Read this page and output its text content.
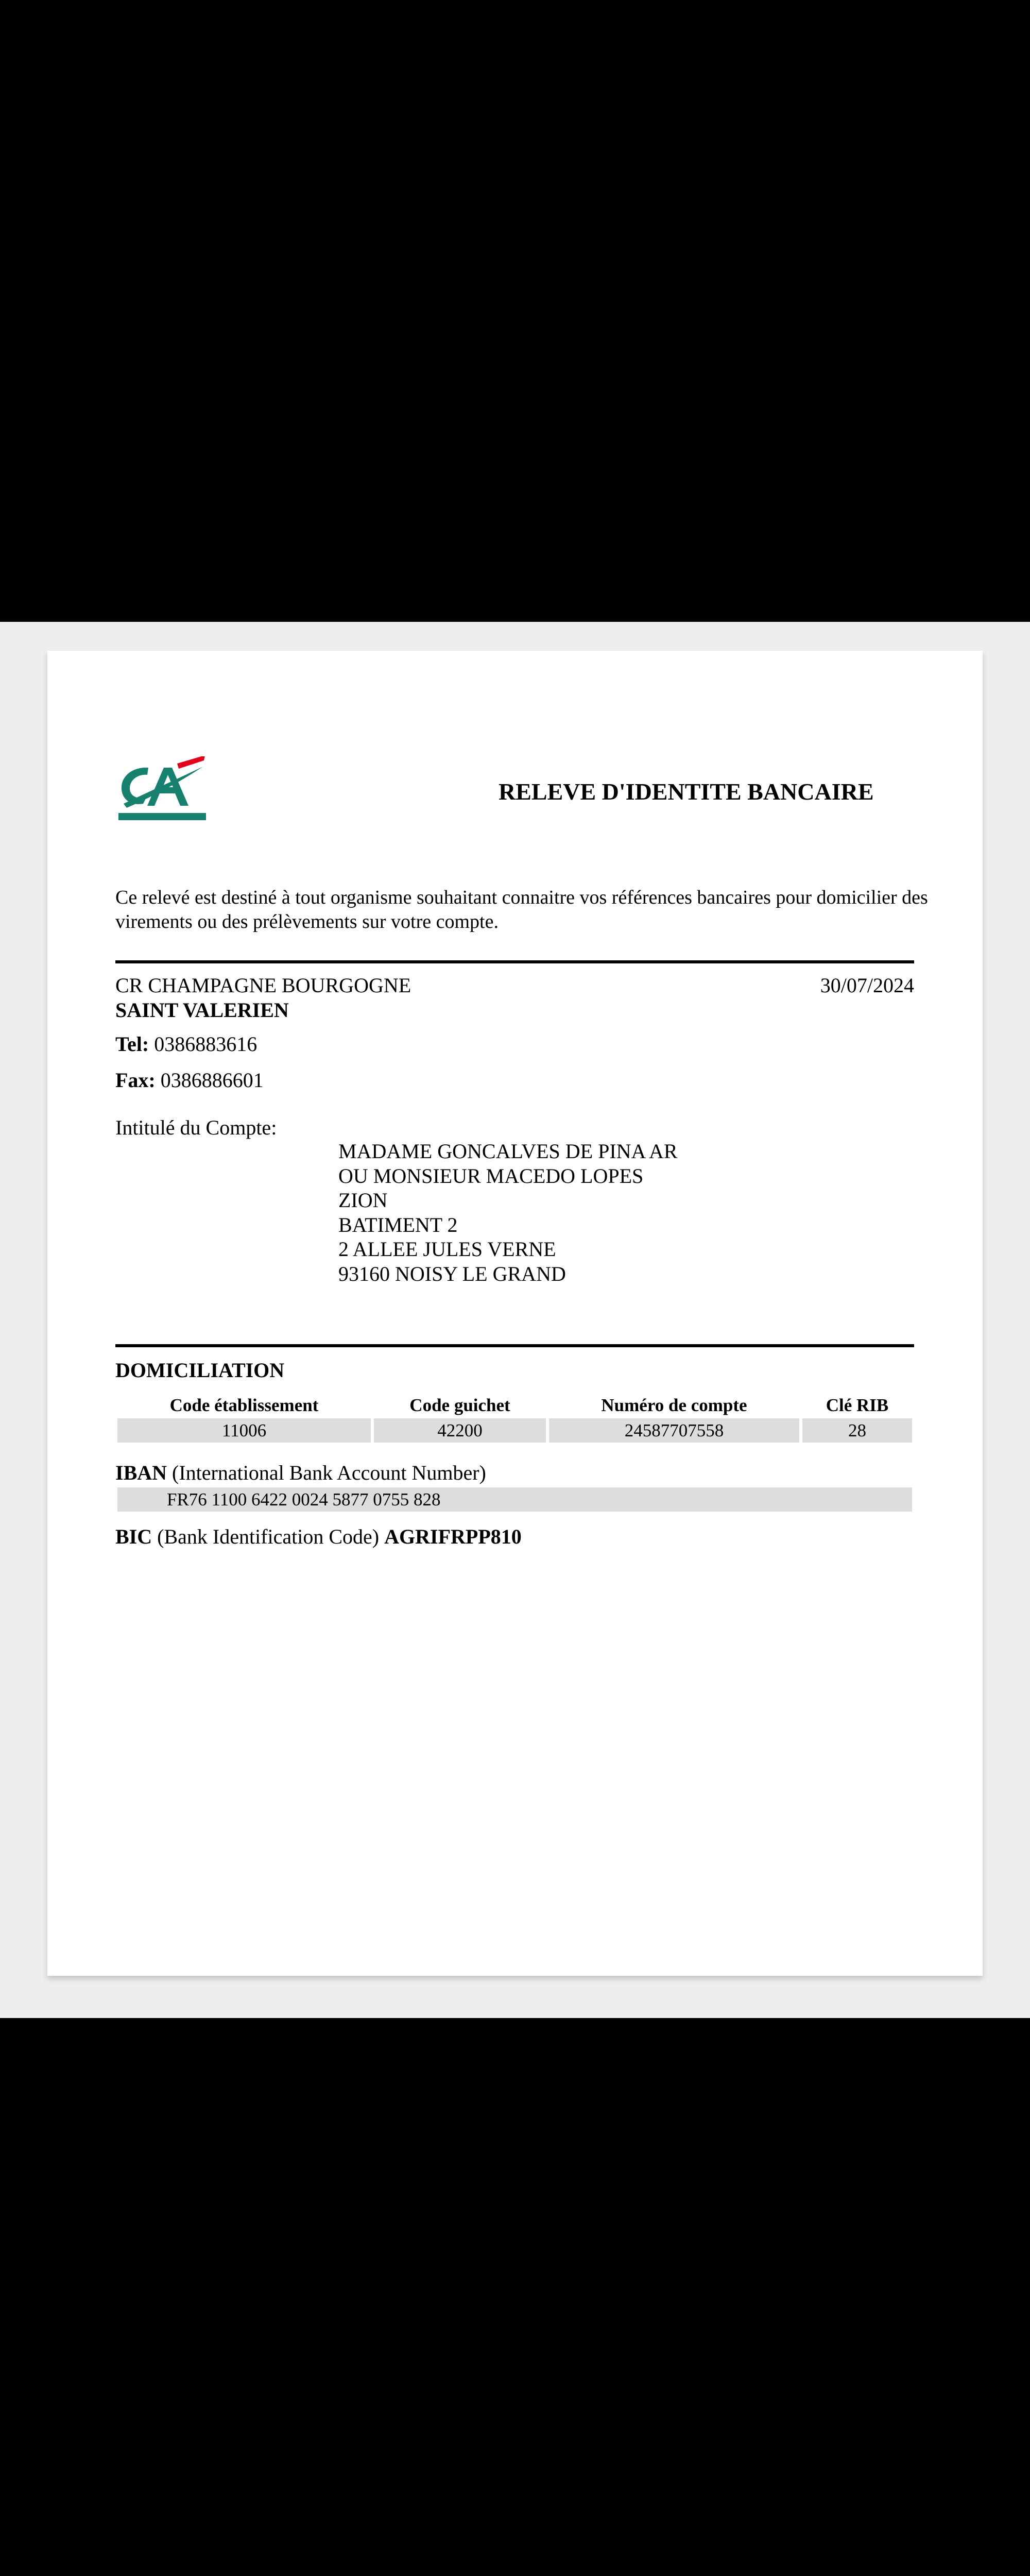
RELEVE D'IDENTITE BANCAIRE
Ce relevé est destiné à tout organisme souhaitant connaitre vos références bancaires pour domicilier des virements ou des prélèvements sur votre compte.
CR CHAMPAGNE BOURGOGNE	30/07/2024
SAINT VALERIEN
Tel: 0386883616
Fax: 0386886601
Intitulé du Compte:
MADAME GONCALVES DE PINA AR
OU MONSIEUR MACEDO LOPES
ZION
BATIMENT 2
2 ALLEE JULES VERNE
93160 NOISY LE GRAND
DOMICILIATION
Code établissement
11006
Code guichet
42200
Numéro de compte
24587707558
Clé RIB
28
IBAN (International Bank Account Number)
FR76 1100 6422 0024 5877 0755 828
BIC (Bank Identification Code) AGRIFRPP810
